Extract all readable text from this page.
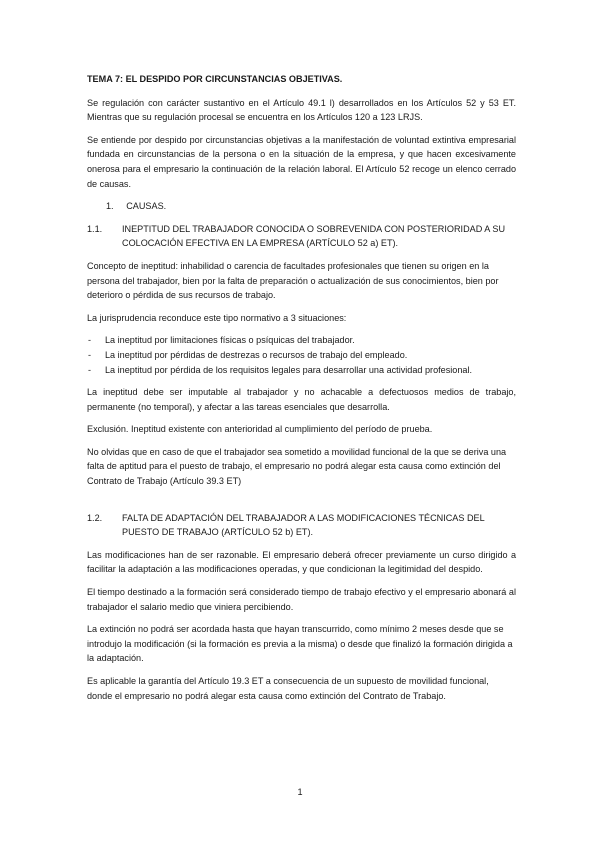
TEMA 7: EL DESPIDO POR CIRCUNSTANCIAS OBJETIVAS.

Se regulación con carácter sustantivo en el Artículo 49.1 l) desarrollados en los Artículos 52 y 53 ET. Mientras que su regulación procesal se encuentra en los Artículos 120 a 123 LRJS.

Se entiende por despido por circunstancias objetivas a la manifestación de voluntad extintiva empresarial fundada en circunstancias de la persona o en la situación de la empresa, y que hacen excesivamente onerosa para el empresario la continuación de la relación laboral. El Artículo 52 recoge un elenco cerrado de causas.

1. CAUSAS.
1.1.	INEPTITUD DEL TRABAJADOR CONOCIDA O SOBREVENIDA CON POSTERIORIDAD A SU COLOCACIÓN EFECTIVA EN LA EMPRESA (ARTÍCULO 52 a) ET).

Concepto de ineptitud: inhabilidad o carencia de facultades profesionales que tienen su origen en la persona del trabajador, bien por la falta de preparación o actualización de sus conocimientos, bien por deterioro o pérdida de sus recursos de trabajo.

La jurisprudencia reconduce este tipo normativo a 3 situaciones:

-	La ineptitud por limitaciones físicas o psíquicas del trabajador.
-	La ineptitud por pérdidas de destrezas o recursos de trabajo del empleado.
-	La ineptitud por pérdida de los requisitos legales para desarrollar una actividad profesional.

La ineptitud debe ser imputable al trabajador y no achacable a defectuosos medios de trabajo, permanente (no temporal), y afectar a las tareas esenciales que desarrolla.

Exclusión. Ineptitud existente con anterioridad al cumplimiento del período de prueba.

No olvidas que en caso de que el trabajador sea sometido a movilidad funcional de la que se deriva una falta de aptitud para el puesto de trabajo, el empresario no podrá alegar esta causa como extinción del Contrato de Trabajo (Artículo 39.3 ET)

1.2.	FALTA DE ADAPTACIÓN DEL TRABAJADOR A LAS MODIFICACIONES TÉCNICAS DEL PUESTO DE TRABAJO (ARTÍCULO 52 b) ET).

Las modificaciones han de ser razonable. El empresario deberá ofrecer previamente un curso dirigido a facilitar la adaptación a las modificaciones operadas, y que condicionan la legitimidad del despido.

El tiempo destinado a la formación será considerado tiempo de trabajo efectivo y el empresario abonará al trabajador el salario medio que viniera percibiendo.

La extinción no podrá ser acordada hasta que hayan transcurrido, como mínimo 2 meses desde que se introdujo la modificación (si la formación es previa a la misma) o desde que finalizó la formación dirigida a la adaptación.

Es aplicable la garantía del Artículo 19.3 ET a consecuencia de un supuesto de movilidad funcional, donde el empresario no podrá alegar esta causa como extinción del Contrato de Trabajo.

1
